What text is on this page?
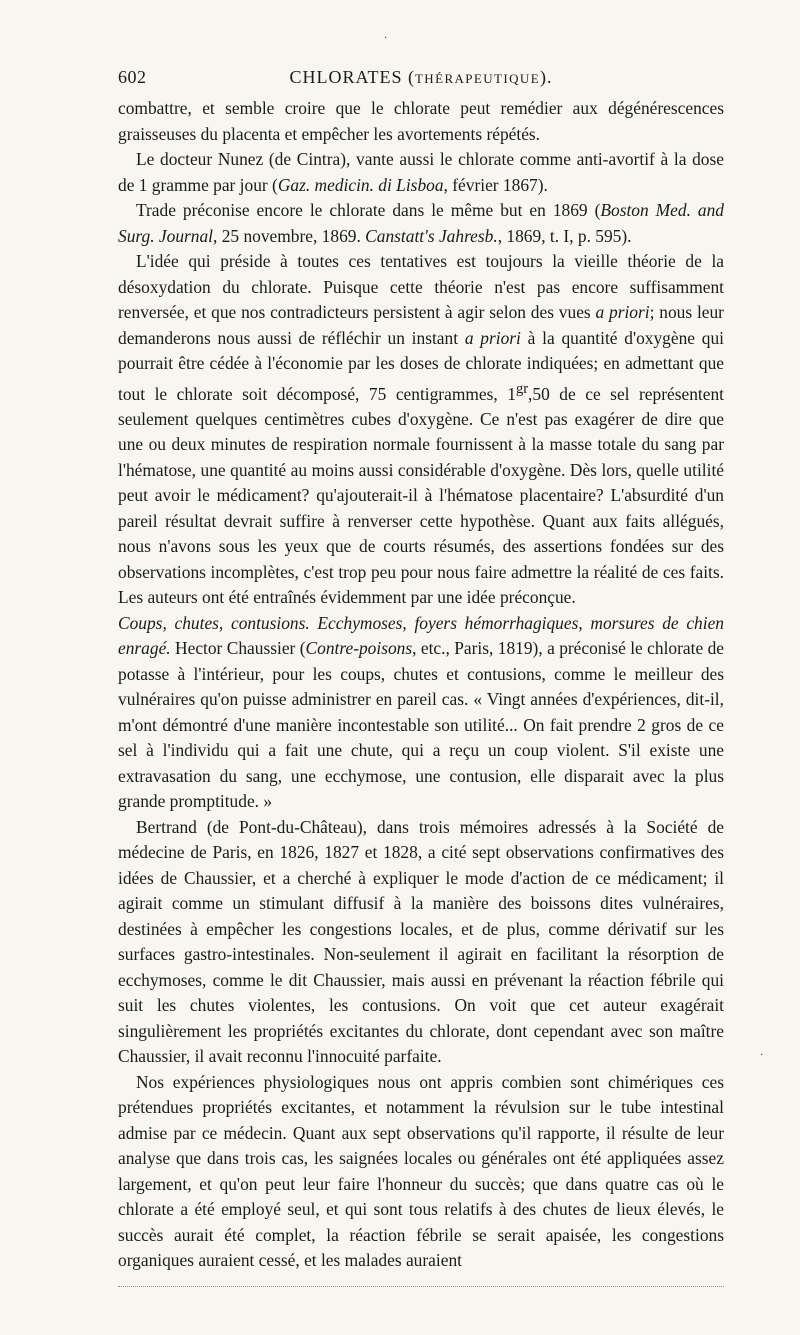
·
602	CHLORATES (THÉRAPEUTIQUE).

combattre, et semble croire que le chlorate peut remédier aux dégénérescences graisseuses du placenta et empêcher les avortements répétés.

Le docteur Nunez (de Cintra), vante aussi le chlorate comme anti-avortif à la dose de 1 gramme par jour (Gaz. medicin. di Lisboa, février 1867).

Trade préconise encore le chlorate dans le même but en 1869 (Boston Med. and Surg. Journal, 25 novembre, 1869. Canstatt's Jahresb., 1869, t. I, p. 595).

L'idée qui préside à toutes ces tentatives est toujours la vieille théorie de la désoxydation du chlorate. Puisque cette théorie n'est pas encore suffisamment renversée, et que nos contradicteurs persistent à agir selon des vues a priori; nous leur demanderons nous aussi de réfléchir un instant a priori à la quantité d'oxygène qui pourrait être cédée à l'économie par les doses de chlorate indiquées; en admettant que tout le chlorate soit décomposé, 75 centigrammes, $1^{gr},50$ de ce sel représentent seulement quelques centimètres cubes d'oxygène. Ce n'est pas exagérer de dire que une ou deux minutes de respiration normale fournissent à la masse totale du sang par l'hématose, une quantité au moins aussi considérable d'oxygène. Dès lors, quelle utilité peut avoir le médicament? qu'ajouterait-il à l'hématose placentaire? L'absurdité d'un pareil résultat devrait suffire à renverser cette hypothèse. Quant aux faits allégués, nous n'avons sous les yeux que de courts résumés, des assertions fondées sur des observations incomplètes, c'est trop peu pour nous faire admettre la réalité de ces faits. Les auteurs ont été entraînés évidemment par une idée préconçue.

Coups, chutes, contusions. Ecchymoses, foyers hémorrhagiques, morsures de chien enragé. Hector Chaussier (Contre-poisons, etc., Paris, 1819), a préconisé le chlorate de potasse à l'intérieur, pour les coups, chutes et contusions, comme le meilleur des vulnéraires qu'on puisse administrer en pareil cas. « Vingt années d'expériences, dit-il, m'ont démontré d'une manière incontestable son utilité... On fait prendre 2 gros de ce sel à l'individu qui a fait une chute, qui a reçu un coup violent. S'il existe une extravasation du sang, une ecchymose, une contusion, elle disparait avec la plus grande promptitude. »

Bertrand (de Pont-du-Château), dans trois mémoires adressés à la Société de médecine de Paris, en 1826, 1827 et 1828, a cité sept observations confirmatives des idées de Chaussier, et a cherché à expliquer le mode d'action de ce médicament; il agirait comme un stimulant diffusif à la manière des boissons dites vulnéraires, destinées à empêcher les congestions locales, et de plus, comme dérivatif sur les surfaces gastro-intestinales. Non-seulement il agirait en facilitant la résorption de ecchymoses, comme le dit Chaussier, mais aussi en prévenant la réaction fébrile qui suit les chutes violentes, les contusions. On voit que cet auteur exagérait singulièrement les propriétés excitantes du chlorate, dont cependant avec son maître Chaussier, il avait reconnu l'innocuité parfaite.

Nos expériences physiologiques nous ont appris combien sont chimériques ces prétendues propriétés excitantes, et notamment la révulsion sur le tube intestinal admise par ce médecin. Quant aux sept observations qu'il rapporte, il résulte de leur analyse que dans trois cas, les saignées locales ou générales ont été appliquées assez largement, et qu'on peut leur faire l'honneur du succès; que dans quatre cas où le chlorate a été employé seul, et qui sont tous relatifs à des chutes de lieux élevés, le succès aurait été complet, la réaction fébrile se serait apaisée, les congestions organiques auraient cessé, et les malades auraient

·
